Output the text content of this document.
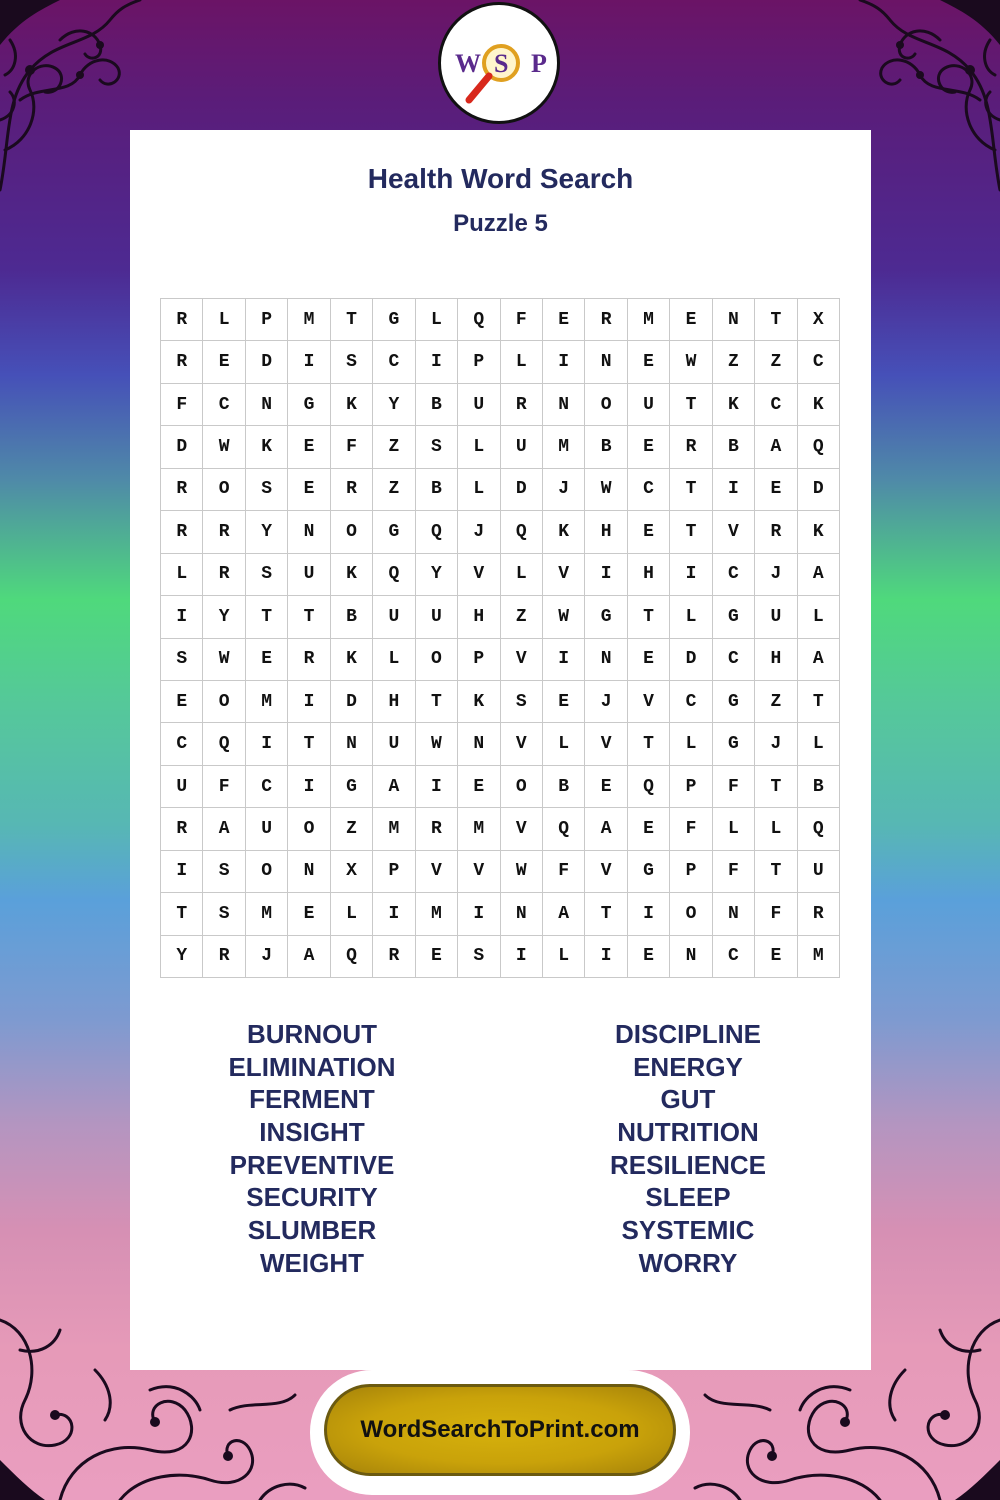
W S P
Health Word Search
Puzzle 5
R	L	P	M	T	G	L	Q	F	E	R	M	E	N	T	X
R	E	D	I	S	C	I	P	L	I	N	E	W	Z	Z	C
F	C	N	G	K	Y	B	U	R	N	O	U	T	K	C	K
D	W	K	E	F	Z	S	L	U	M	B	E	R	B	A	Q
R	O	S	E	R	Z	B	L	D	J	W	C	T	I	E	D
R	R	Y	N	O	G	Q	J	Q	K	H	E	T	V	R	K
L	R	S	U	K	Q	Y	V	L	V	I	H	I	C	J	A
I	Y	T	T	B	U	U	H	Z	W	G	T	L	G	U	L
S	W	E	R	K	L	O	P	V	I	N	E	D	C	H	A
E	O	M	I	D	H	T	K	S	E	J	V	C	G	Z	T
C	Q	I	T	N	U	W	N	V	L	V	T	L	G	J	L
U	F	C	I	G	A	I	E	O	B	E	Q	P	F	T	B
R	A	U	O	Z	M	R	M	V	Q	A	E	F	L	L	Q
I	S	O	N	X	P	V	V	W	F	V	G	P	F	T	U
T	S	M	E	L	I	M	I	N	A	T	I	O	N	F	R
Y	R	J	A	Q	R	E	S	I	L	I	E	N	C	E	M
BURNOUT
ELIMINATION
FERMENT
INSIGHT
PREVENTIVE
SECURITY
SLUMBER
WEIGHT
DISCIPLINE
ENERGY
GUT
NUTRITION
RESILIENCE
SLEEP
SYSTEMIC
WORRY
WordSearchToPrint.com
